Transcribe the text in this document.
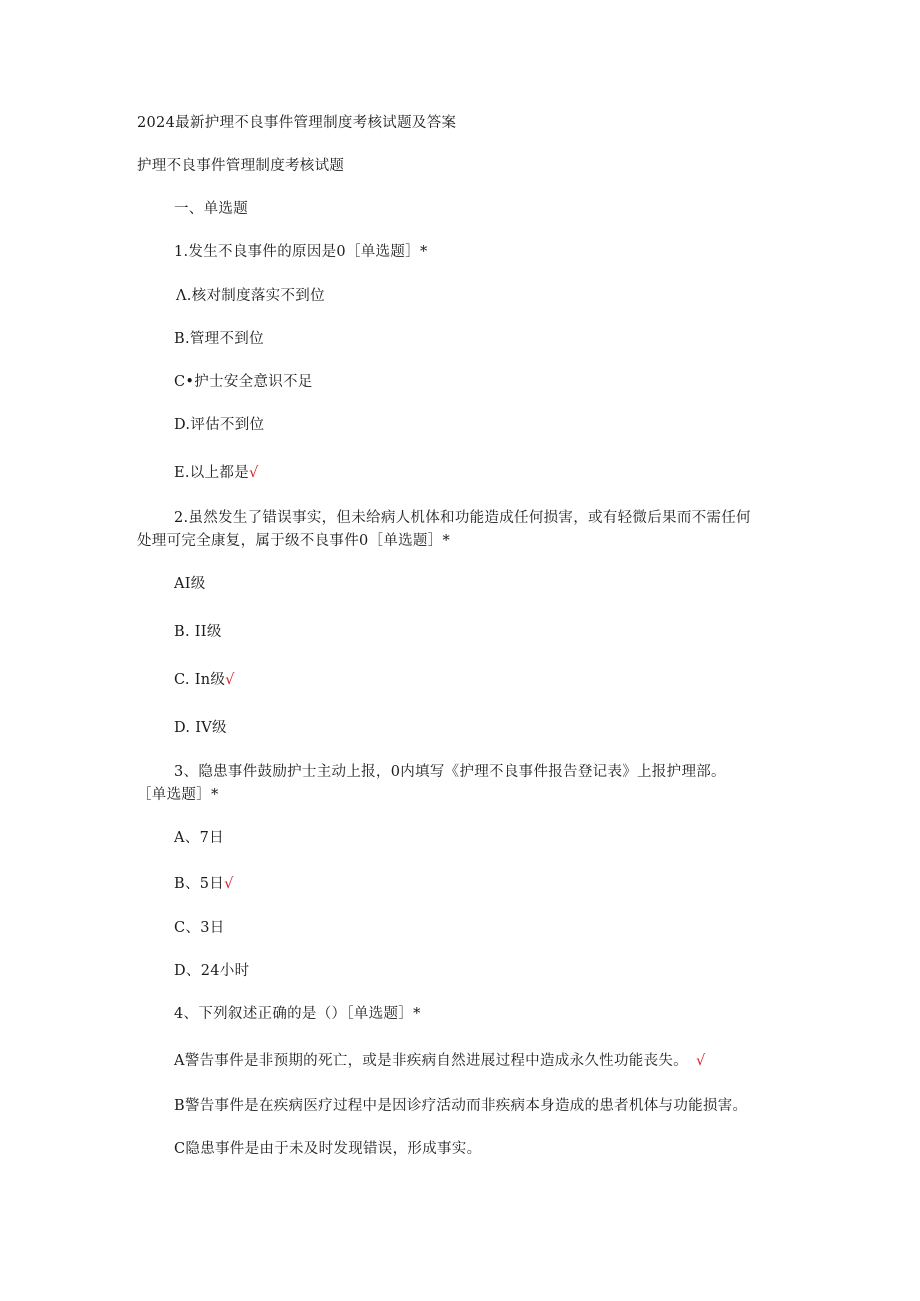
2024最新护理不良事件管理制度考核试题及答案
护理不良事件管理制度考核试题
一、单选题
1.发生不良事件的原因是0［单选题］*
Λ.核对制度落实不到位
B.管理不到位
C•护士安全意识不足
D.评估不到位
E.以上都是√
2.虽然发生了错误事实，但未给病人机体和功能造成任何损害，或有轻微后果而不需任何
处理可完全康复，属于级不良事件0［单选题］*
AI级
B. II级
C. In级√
D. IV级
3、隐患事件鼓励护士主动上报，0内填写《护理不良事件报告登记表》上报护理部。
［单选题］*
A、7日
B、5日√
C、3日
D、24小时
4、下列叙述正确的是（）［单选题］*
A警告事件是非预期的死亡，或是非疾病自然进展过程中造成永久性功能丧失。 √
B警告事件是在疾病医疗过程中是因诊疗活动而非疾病本身造成的患者机体与功能损害。
C隐患事件是由于未及时发现错误，形成事实。
